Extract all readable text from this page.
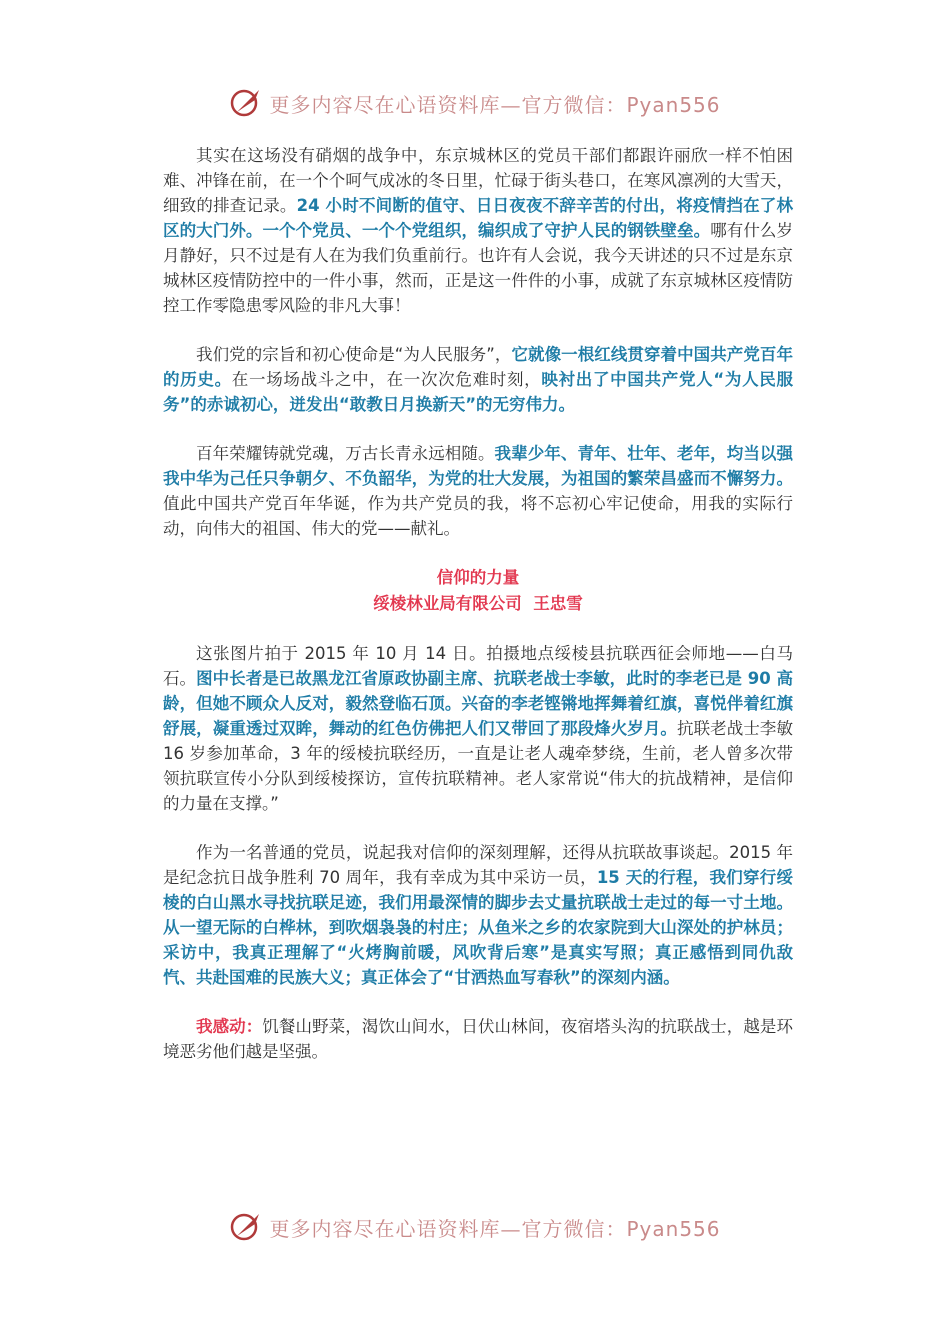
更多内容尽在心语资料库—官方微信：Pyan556

其实在这场没有硝烟的战争中，东京城林区的党员干部们都跟许丽欣一样不怕困难、冲锋在前，在一个个呵气成冰的冬日里，忙碌于街头巷口，在寒风凛冽的大雪天，细致的排查记录。24 小时不间断的值守、日日夜夜不辞辛苦的付出，将疫情挡在了林区的大门外。一个个党员、一个个党组织，编织成了守护人民的钢铁壁垒。哪有什么岁月静好，只不过是有人在为我们负重前行。也许有人会说，我今天讲述的只不过是东京城林区疫情防控中的一件小事，然而，正是这一件件的小事，成就了东京城林区疫情防控工作零隐患零风险的非凡大事！

我们党的宗旨和初心使命是“为人民服务”，它就像一根红线贯穿着中国共产党百年的历史。在一场场战斗之中，在一次次危难时刻，映衬出了中国共产党人“为人民服务”的赤诚初心，迸发出“敢教日月换新天”的无穷伟力。

百年荣耀铸就党魂，万古长青永远相随。我辈少年、青年、壮年、老年，均当以强我中华为己任只争朝夕、不负韶华，为党的壮大发展，为祖国的繁荣昌盛而不懈努力。值此中国共产党百年华诞，作为共产党员的我，将不忘初心牢记使命，用我的实际行动，向伟大的祖国、伟大的党——献礼。

信仰的力量
绥棱林业局有限公司  王忠雪

这张图片拍于 2015 年 10 月 14 日。拍摄地点绥棱县抗联西征会师地——白马石。图中长者是已故黑龙江省原政协副主席、抗联老战士李敏，此时的李老已是 90 高龄，但她不顾众人反对，毅然登临石顶。兴奋的李老铿锵地挥舞着红旗，喜悦伴着红旗舒展，凝重透过双眸，舞动的红色仿佛把人们又带回了那段烽火岁月。抗联老战士李敏 16 岁参加革命，3 年的绥棱抗联经历，一直是让老人魂牵梦绕，生前，老人曾多次带领抗联宣传小分队到绥棱探访，宣传抗联精神。老人家常说“伟大的抗战精神，是信仰的力量在支撑。”

作为一名普通的党员，说起我对信仰的深刻理解，还得从抗联故事谈起。2015 年是纪念抗日战争胜利 70 周年，我有幸成为其中采访一员，15 天的行程，我们穿行绥棱的白山黑水寻找抗联足迹，我们用最深情的脚步去丈量抗联战士走过的每一寸土地。从一望无际的白桦林，到吹烟袅袅的村庄；从鱼米之乡的农家院到大山深处的护林员；采访中，我真正理解了“火烤胸前暖，风吹背后寒”是真实写照；真正感悟到同仇敌忾、共赴国难的民族大义；真正体会了“甘洒热血写春秋”的深刻内涵。

我感动：饥餐山野菜，渴饮山间水，日伏山林间，夜宿塔头沟的抗联战士，越是环境恶劣他们越是坚强。

更多内容尽在心语资料库—官方微信：Pyan556
